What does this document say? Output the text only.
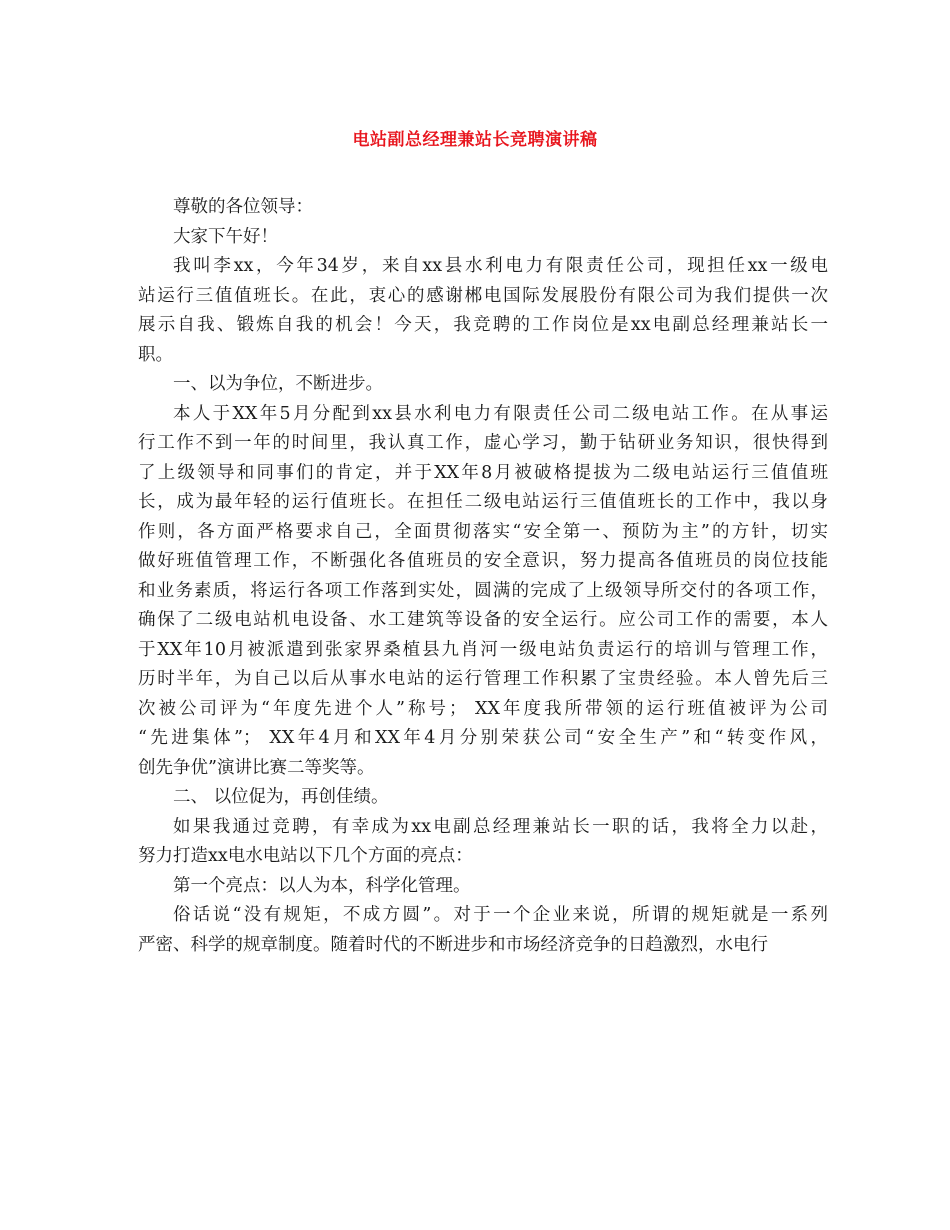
电站副总经理兼站长竞聘演讲稿
尊敬的各位领导：
大家下午好！
我叫李xx，今年34岁，来自xx县水利电力有限责任公司，现担任xx一级电
站运行三值值班长。在此，衷心的感谢郴电国际发展股份有限公司为我们提供一次
展示自我、锻炼自我的机会！今天，我竞聘的工作岗位是xx电副总经理兼站长一
职。
一、以为争位，不断进步。
本人于XX年5月分配到xx县水利电力有限责任公司二级电站工作。在从事运
行工作不到一年的时间里，我认真工作，虚心学习，勤于钻研业务知识，很快得到
了上级领导和同事们的肯定，并于XX年8月被破格提拔为二级电站运行三值值班
长，成为最年轻的运行值班长。在担任二级电站运行三值值班长的工作中，我以身
作则，各方面严格要求自己，全面贯彻落实“安全第一、预防为主”的方针，切实
做好班值管理工作，不断强化各值班员的安全意识，努力提高各值班员的岗位技能
和业务素质，将运行各项工作落到实处，圆满的完成了上级领导所交付的各项工作，
确保了二级电站机电设备、水工建筑等设备的安全运行。应公司工作的需要，本人
于XX年10月被派遣到张家界桑植县九肖河一级电站负责运行的培训与管理工作，
历时半年，为自己以后从事水电站的运行管理工作积累了宝贵经验。本人曾先后三
次被公司评为“年度先进个人”称号； XX年度我所带领的运行班值被评为公司
“先进集体”； XX年4月和XX年4月分别荣获公司“安全生产”和“转变作风，
创先争优”演讲比赛二等奖等。
二、 以位促为，再创佳绩。
如果我通过竞聘，有幸成为xx电副总经理兼站长一职的话，我将全力以赴，
努力打造xx电水电站以下几个方面的亮点：
第一个亮点：以人为本，科学化管理。
俗话说“没有规矩，不成方圆”。对于一个企业来说，所谓的规矩就是一系列
严密、科学的规章制度。随着时代的不断进步和市场经济竞争的日趋激烈，水电行
